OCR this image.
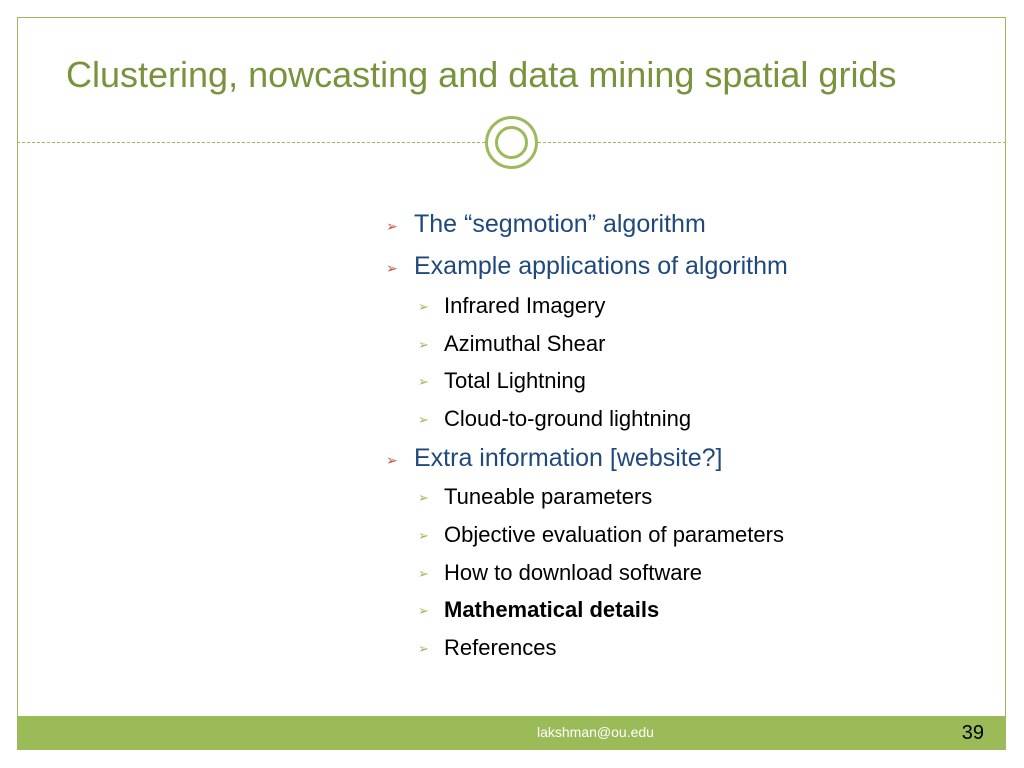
Clustering, nowcasting and data mining spatial grids
➢ The “segmotion” algorithm
➢ Example applications of algorithm
➢ Infrared Imagery
➢ Azimuthal Shear
➢ Total Lightning
➢ Cloud-to-ground lightning
➢ Extra information [website?]
➢ Tuneable parameters
➢ Objective evaluation of parameters
➢ How to download software
➢ Mathematical details
➢ References
lakshman@ou.edu	39
